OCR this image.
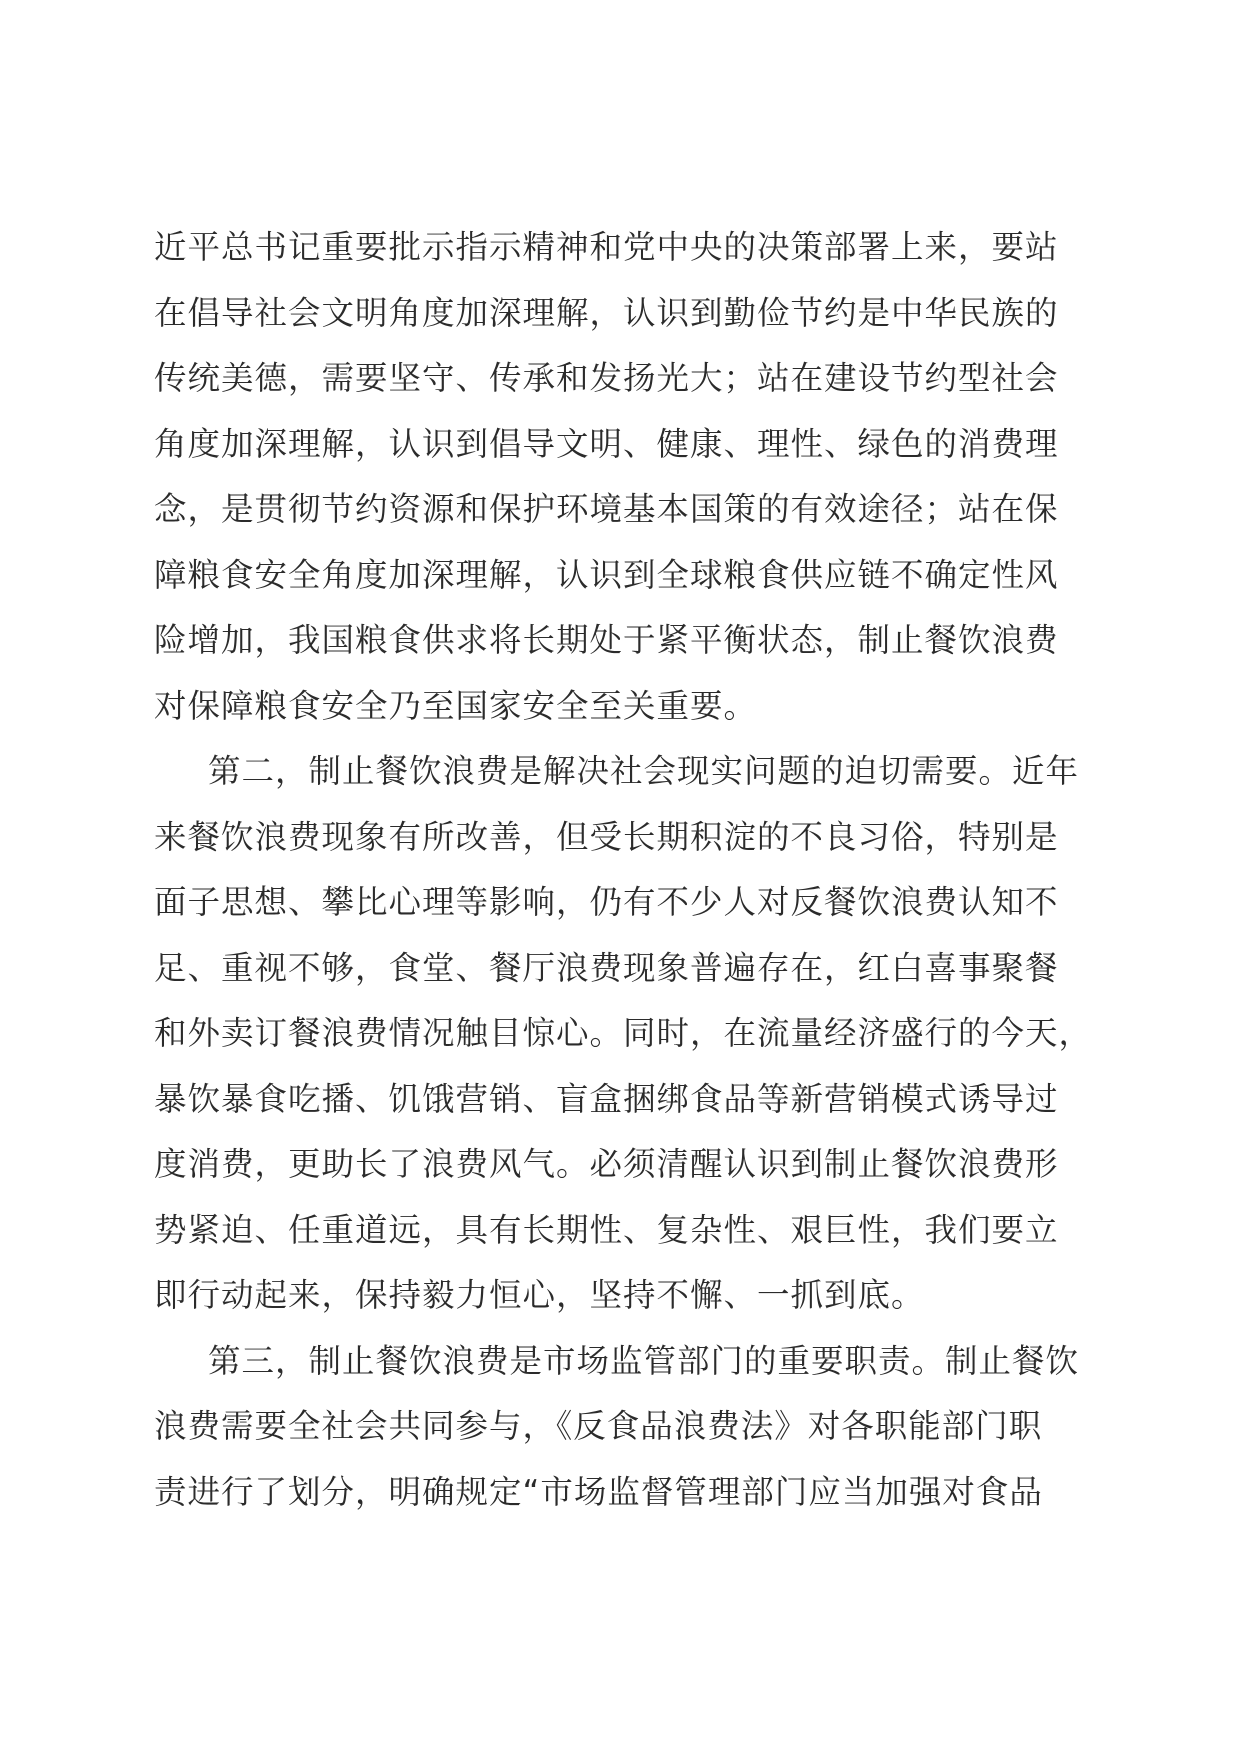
近平总书记重要批示指示精神和党中央的决策部署上来，要站
在倡导社会文明角度加深理解，认识到勤俭节约是中华民族的
传统美德，需要坚守、传承和发扬光大；站在建设节约型社会
角度加深理解，认识到倡导文明、健康、理性、绿色的消费理
念，是贯彻节约资源和保护环境基本国策的有效途径；站在保
障粮食安全角度加深理解，认识到全球粮食供应链不确定性风
险增加，我国粮食供求将长期处于紧平衡状态，制止餐饮浪费
对保障粮食安全乃至国家安全至关重要。
第二，制止餐饮浪费是解决社会现实问题的迫切需要。近年
来餐饮浪费现象有所改善，但受长期积淀的不良习俗，特别是
面子思想、攀比心理等影响，仍有不少人对反餐饮浪费认知不
足、重视不够，食堂、餐厅浪费现象普遍存在，红白喜事聚餐
和外卖订餐浪费情况触目惊心。同时，在流量经济盛行的今天，
暴饮暴食吃播、饥饿营销、盲盒捆绑食品等新营销模式诱导过
度消费，更助长了浪费风气。必须清醒认识到制止餐饮浪费形
势紧迫、任重道远，具有长期性、复杂性、艰巨性，我们要立
即行动起来，保持毅力恒心，坚持不懈、一抓到底。
第三，制止餐饮浪费是市场监管部门的重要职责。制止餐饮
浪费需要全社会共同参与，《反食品浪费法》对各职能部门职
责进行了划分，明确规定“市场监督管理部门应当加强对食品
